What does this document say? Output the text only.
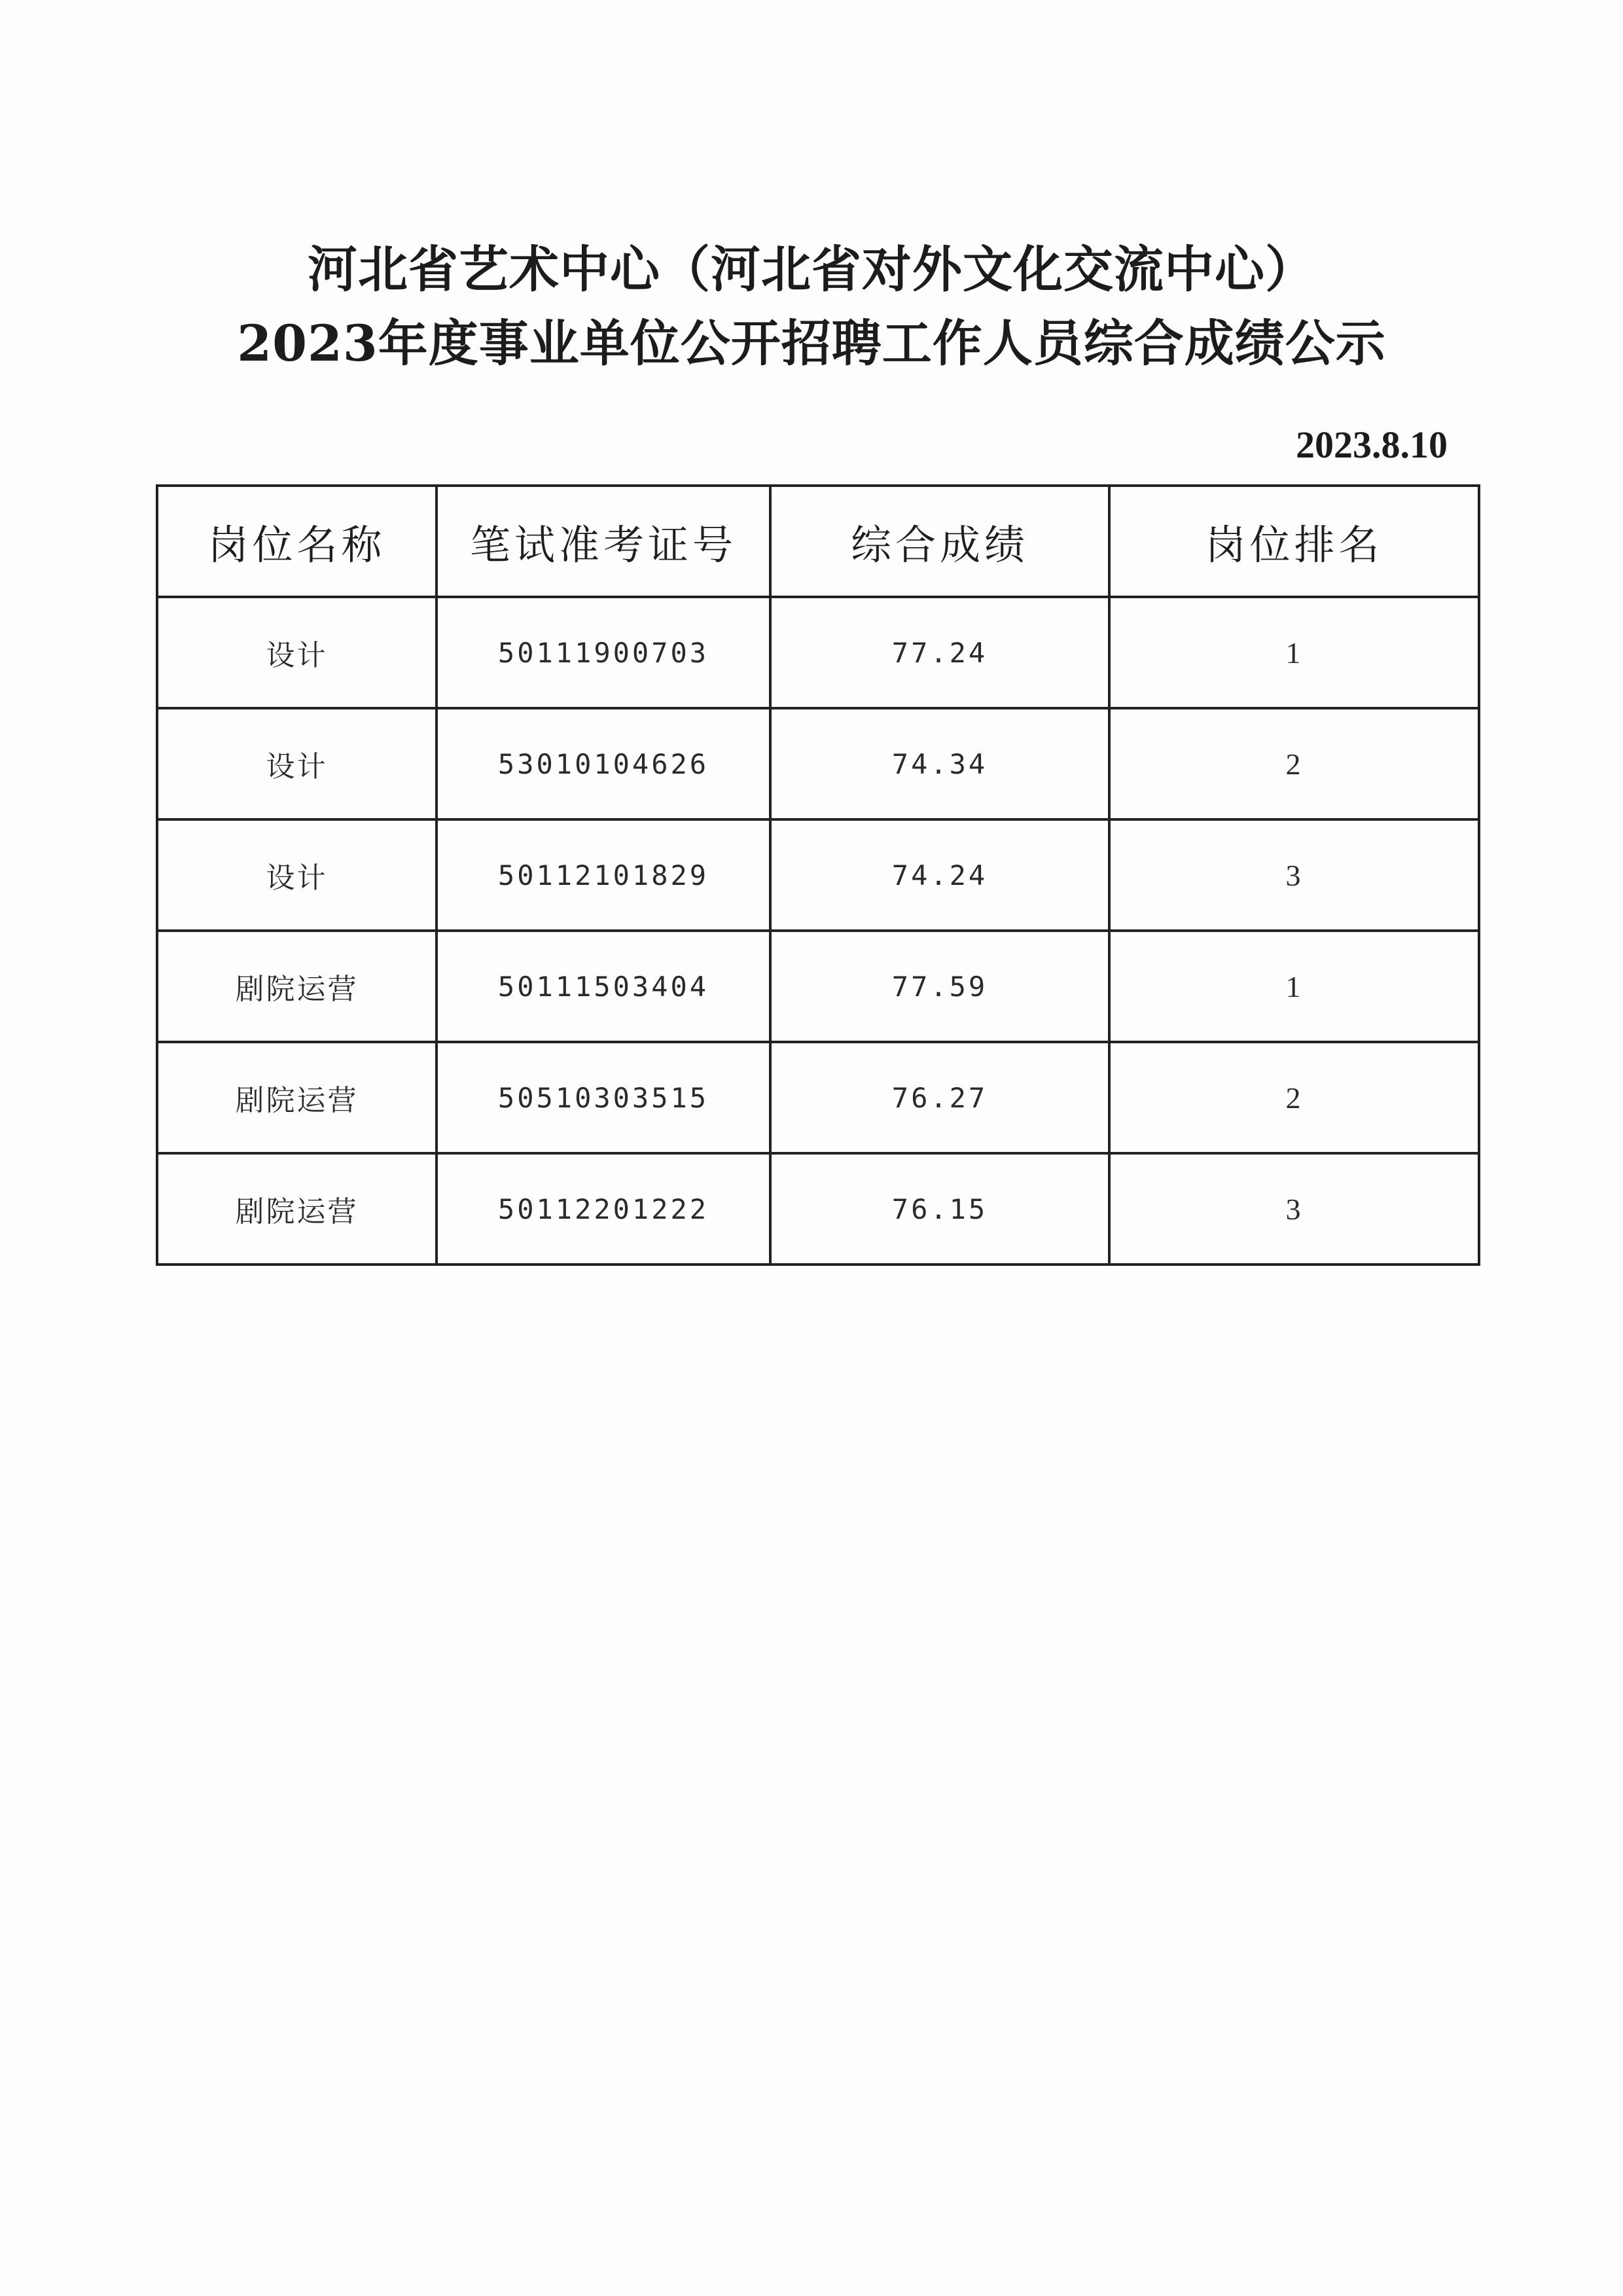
河北省艺术中心（河北省对外文化交流中心）
2023年度事业单位公开招聘工作人员综合成绩公示
2023.8.10
岗位名称	笔试准考证号	综合成绩	岗位排名
设计	50111900703	77.24	1
设计	53010104626	74.34	2
设计	50112101829	74.24	3
剧院运营	50111503404	77.59	1
剧院运营	50510303515	76.27	2
剧院运营	50112201222	76.15	3
